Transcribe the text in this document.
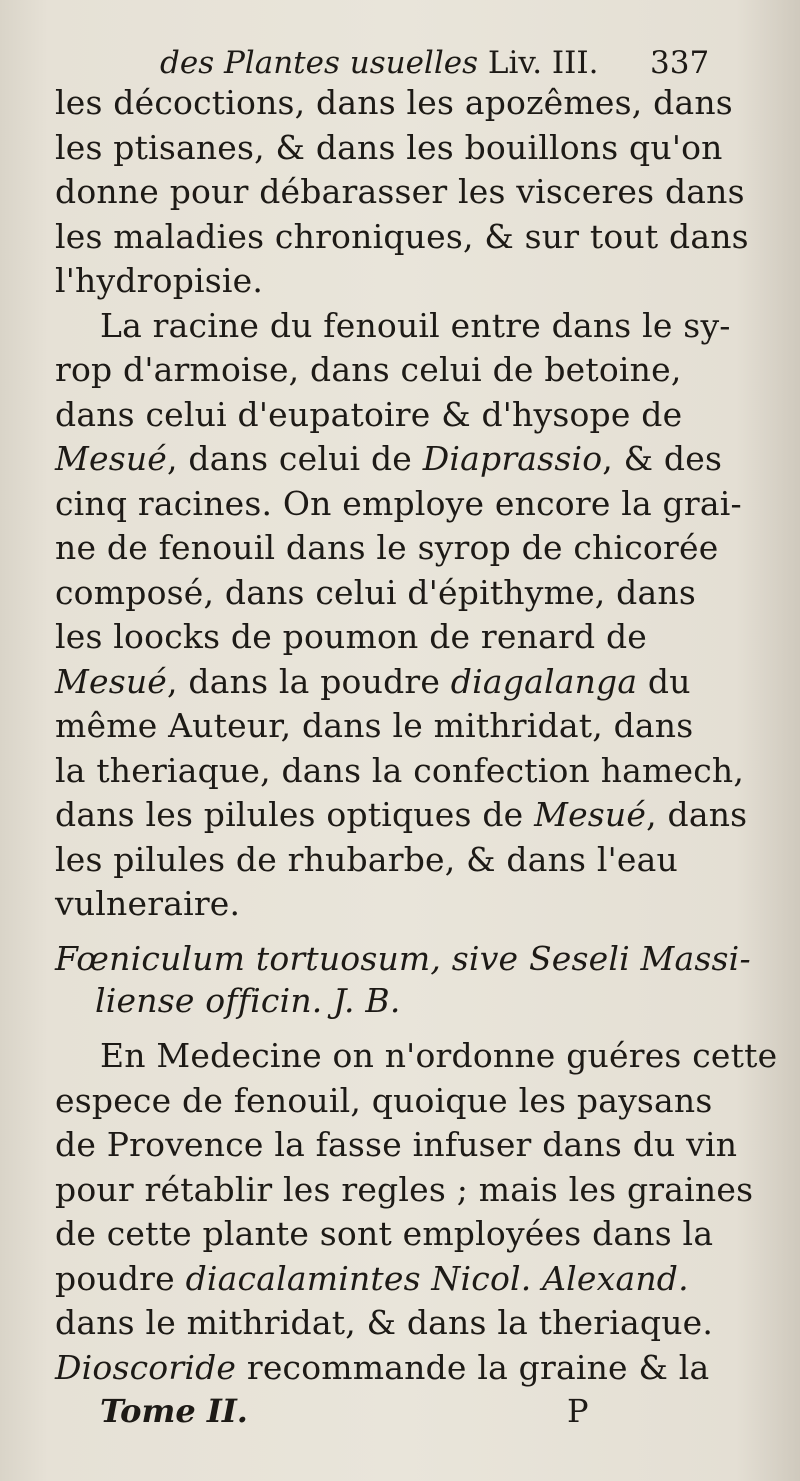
des Plantes usuelles Liv. III. 337
les décoctions, dans les apozêmes, dans
les ptisanes, & dans les bouillons qu'on
donne pour débarasser les visceres dans
les maladies chroniques, & sur tout dans
l'hydropisie.
La racine du fenouil entre dans le sy-
rop d'armoise, dans celui de betoine,
dans celui d'eupatoire & d'hysope de
Mesué, dans celui de Diaprassio, & des
cinq racines. On employe encore la grai-
ne de fenouil dans le syrop de chicorée
composé, dans celui d'épithyme, dans
les loocks de poumon de renard de
Mesué, dans la poudre diagalanga du
même Auteur, dans le mithridat, dans
la theriaque, dans la confection hamech,
dans les pilules optiques de Mesué, dans
les pilules de rhubarbe, & dans l'eau
vulneraire.
Fœniculum tortuosum, sive Seseli Massi-
liense officin. J. B.
En Medecine on n'ordonne guéres cette
espece de fenouil, quoique les paysans
de Provence la fasse infuser dans du vin
pour rétablir les regles ; mais les graines
de cette plante sont employées dans la
poudre diacalamintes Nicol. Alexand.
dans le mithridat, & dans la theriaque.
Dioscoride recommande la graine & la
Tome II.	P
